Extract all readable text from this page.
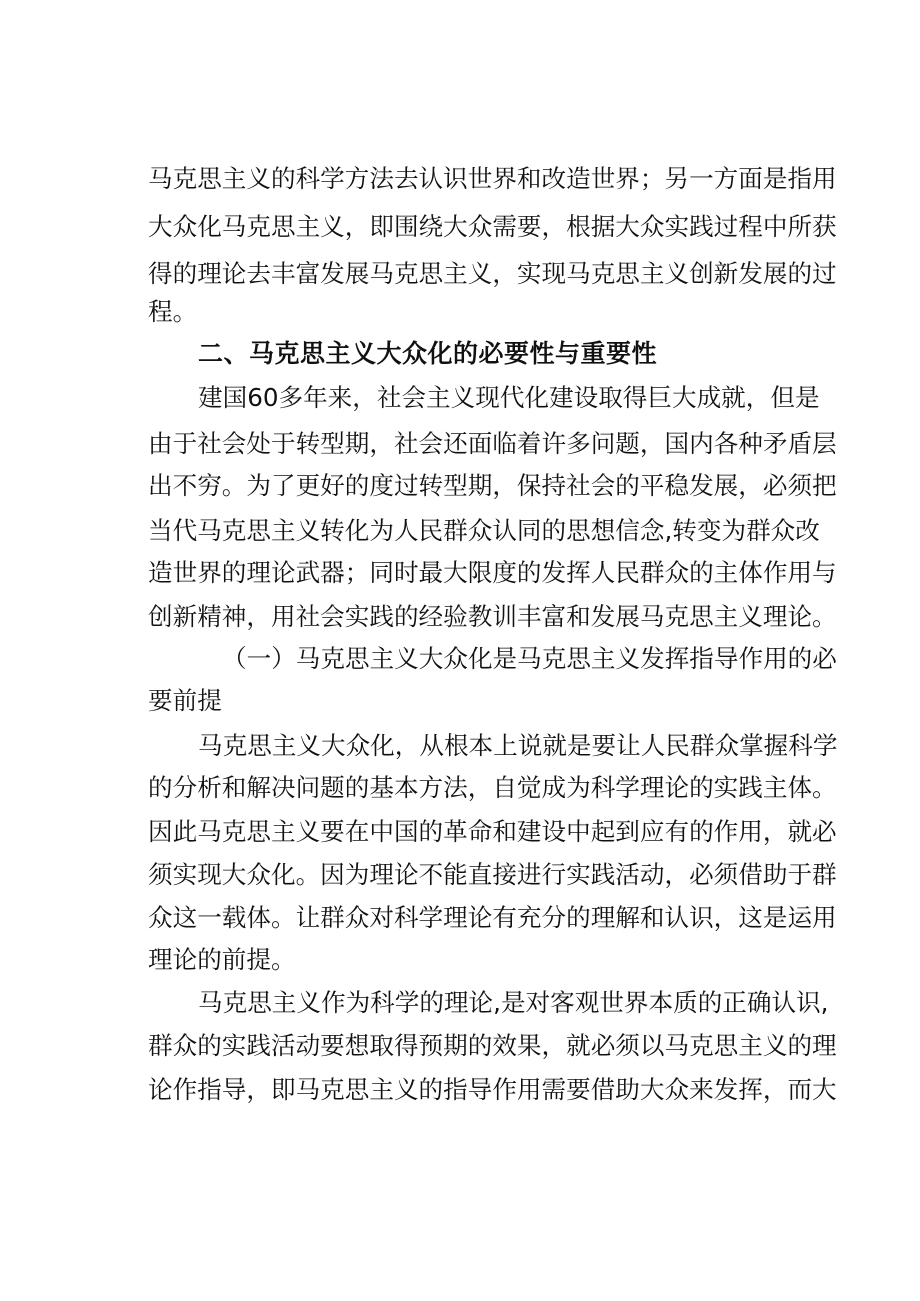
马克思主义的科学方法去认识世界和改造世界；另一方面是指用
大众化马克思主义，即围绕大众需要，根据大众实践过程中所获
得的理论去丰富发展马克思主义，实现马克思主义创新发展的过
程。
二、马克思主义大众化的必要性与重要性
建国60多年来，社会主义现代化建设取得巨大成就，但是
由于社会处于转型期，社会还面临着许多问题，国内各种矛盾层
出不穷。为了更好的度过转型期，保持社会的平稳发展，必须把
当代马克思主义转化为人民群众认同的思想信念,转变为群众改
造世界的理论武器；同时最大限度的发挥人民群众的主体作用与
创新精神，用社会实践的经验教训丰富和发展马克思主义理论。
（一）马克思主义大众化是马克思主义发挥指导作用的必
要前提
马克思主义大众化，从根本上说就是要让人民群众掌握科学
的分析和解决问题的基本方法，自觉成为科学理论的实践主体。
因此马克思主义要在中国的革命和建设中起到应有的作用，就必
须实现大众化。因为理论不能直接进行实践活动，必须借助于群
众这一载体。让群众对科学理论有充分的理解和认识，这是运用
理论的前提。
马克思主义作为科学的理论,是对客观世界本质的正确认识,
群众的实践活动要想取得预期的效果，就必须以马克思主义的理
论作指导，即马克思主义的指导作用需要借助大众来发挥，而大
